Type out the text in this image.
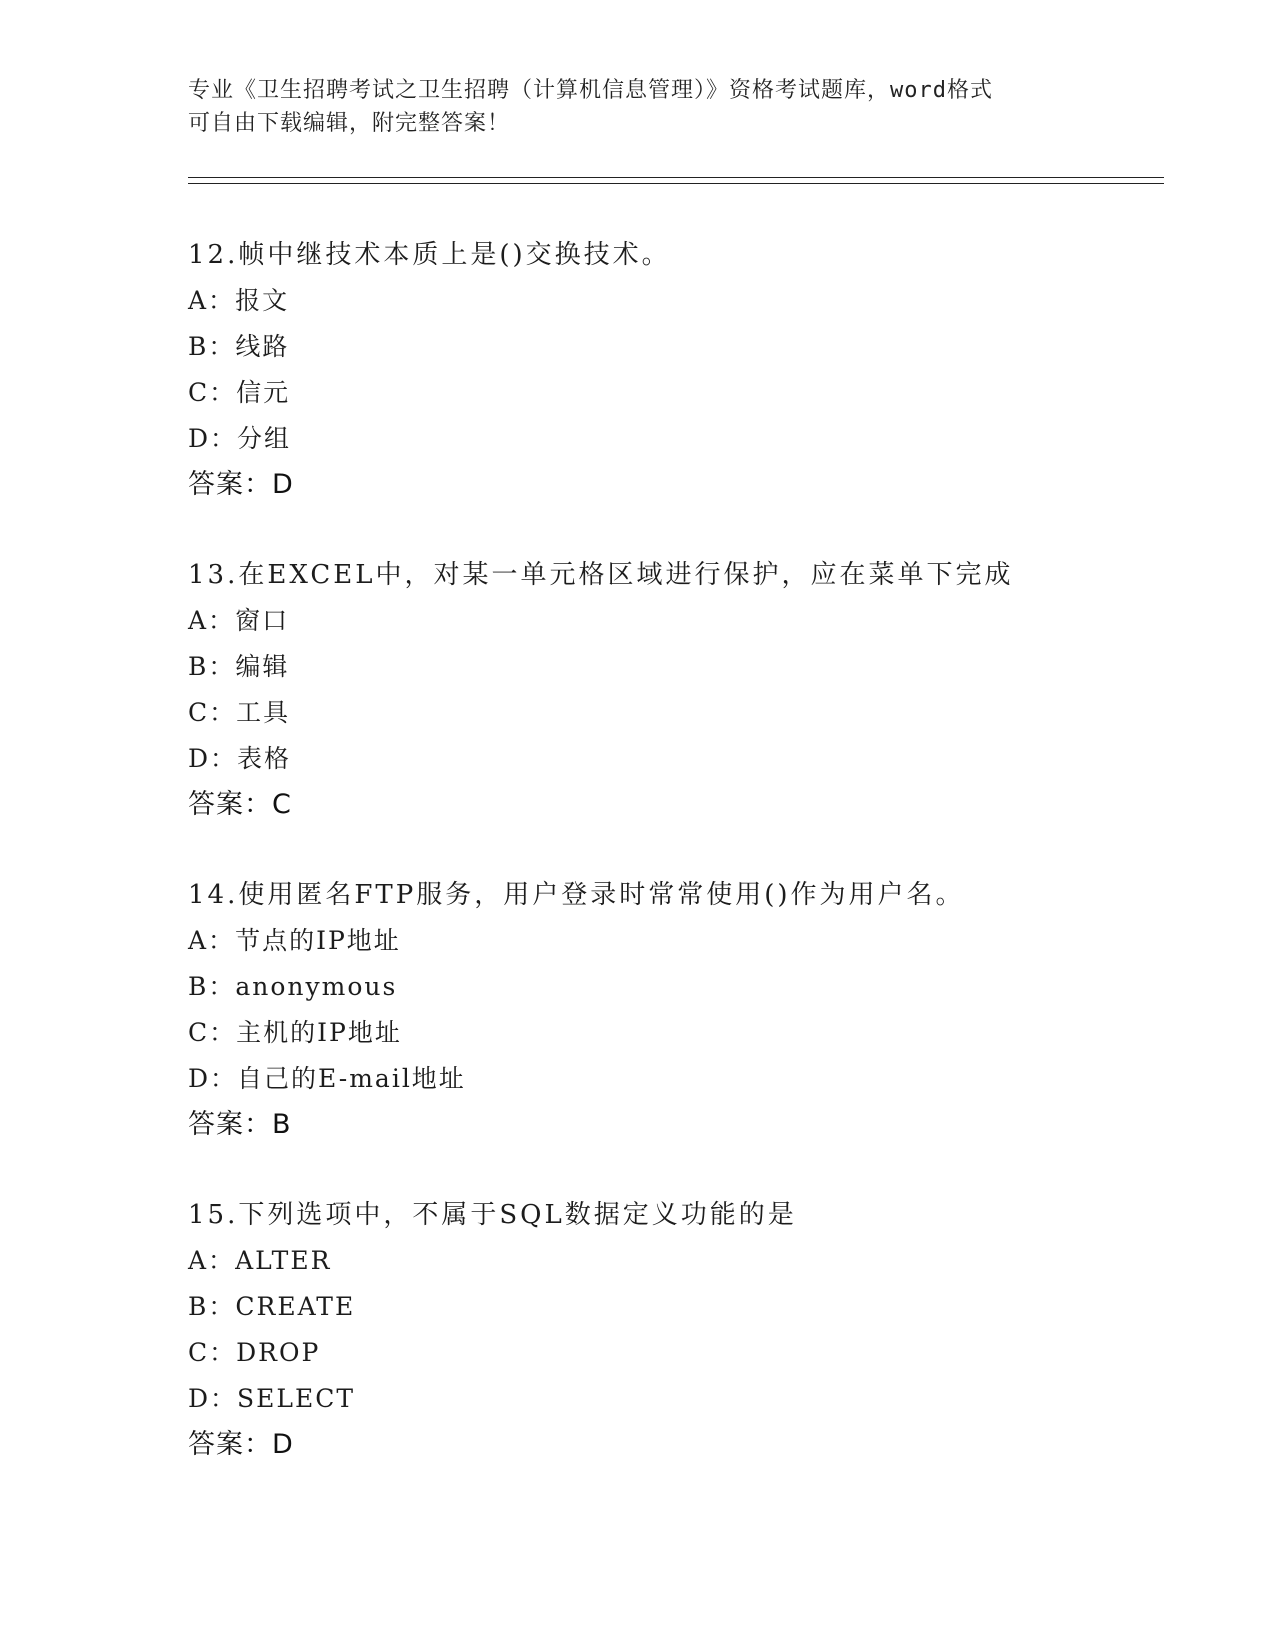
专业《卫生招聘考试之卫生招聘（计算机信息管理）》资格考试题库，word格式
可自由下载编辑，附完整答案！
12.帧中继技术本质上是()交换技术。
A：报文
B：线路
C：信元
D：分组
答案：D
13.在EXCEL中，对某一单元格区域进行保护，应在菜单下完成
A：窗口
B：编辑
C：工具
D：表格
答案：C
14.使用匿名FTP服务，用户登录时常常使用()作为用户名。
A：节点的IP地址
B：anonymous
C：主机的IP地址
D：自己的E-mail地址
答案：B
15.下列选项中，不属于SQL数据定义功能的是
A：ALTER
B：CREATE
C：DROP
D：SELECT
答案：D
